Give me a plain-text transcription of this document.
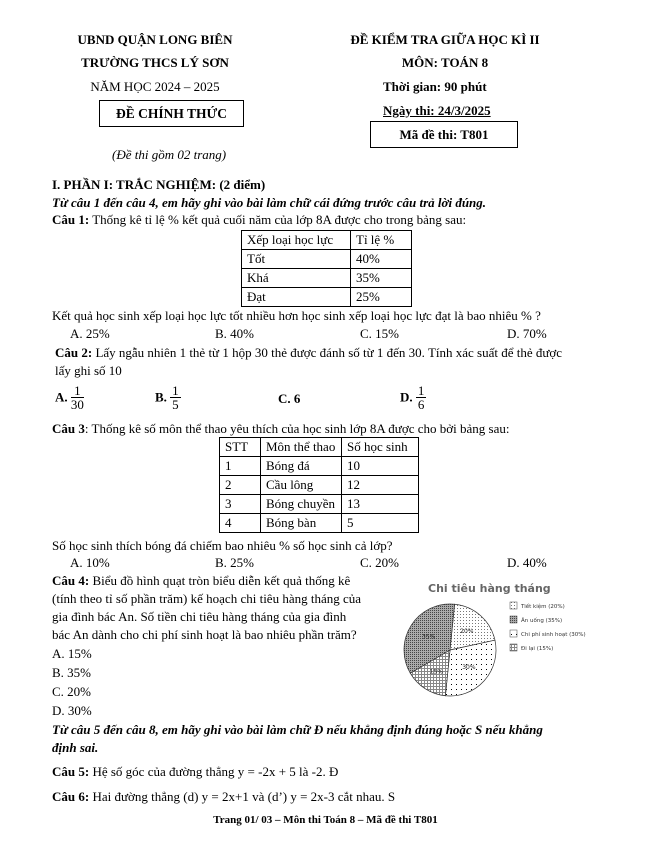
UBND QUẬN LONG BIÊN
TRƯỜNG THCS LÝ SƠN
NĂM HỌC 2024 – 2025
ĐỀ CHÍNH THỨC
(Đề thi gồm 02 trang)
ĐỀ KIỂM TRA GIỮA HỌC KÌ II
MÔN: TOÁN 8
Thời gian: 90 phút
Ngày thi: 24/3/2025
Mã đề thi: T801
I. PHẦN I: TRẮC NGHIỆM: (2 điểm)
Từ câu 1 đến câu 4, em hãy ghi vào bài làm chữ cái đứng trước câu trả lời đúng.
Câu 1: Thống kê tỉ lệ % kết quả cuối năm của lớp 8A được cho trong bảng sau:
Xếp loại học lực	Tỉ lệ %
Tốt	40%
Khá	35%
Đạt	25%
Kết quả học sinh xếp loại học lực tốt nhiều hơn học sinh xếp loại học lực đạt là bao nhiêu % ?
A. 25%	B. 40%	C. 15%	D. 70%
Câu 2: Lấy ngẫu nhiên 1 thẻ từ 1 hộp 30 thẻ được đánh số từ 1 đến 30. Tính xác suất để thẻ được
lấy ghi số 10
A. $\frac{1}{30}$	B. $\frac{1}{5}$	C. 6	D. $\frac{1}{6}$
Câu 3: Thống kê số môn thể thao yêu thích của học sinh lớp 8A được cho bởi bảng sau:
STT	Môn thể thao	Số học sinh
1	Bóng đá	10
2	Cầu lông	12
3	Bóng chuyền	13
4	Bóng bàn	5
Số học sinh thích bóng đá chiếm bao nhiêu % số học sinh cả lớp?
A. 10%	B. 25%	C. 20%	D. 40%
Câu 4: Biểu đồ hình quạt tròn biểu diễn kết quả thống kê
(tính theo tỉ số phần trăm) kế hoạch chi tiêu hàng tháng của
gia đình bác An. Số tiền chi tiêu hàng tháng của gia đình
bác An dành cho chi phí sinh hoạt là bao nhiêu phần trăm?
A. 15%
B. 35%
C. 20%
D. 30%
Chi tiêu hàng tháng
20%
30%
15%
35%
Tiết kiệm (20%)
Ăn uống (35%)
Chi phí sinh hoạt (30%)
Đi lại (15%)
Từ câu 5 đến câu 8, em hãy ghi vào bài làm chữ Đ nếu khẳng định đúng hoặc S nếu khẳng
định sai.
Câu 5: Hệ số góc của đường thẳng y = -2x + 5 là -2. Đ
Câu 6: Hai đường thẳng (d) y = 2x+1 và (d’) y = 2x-3 cắt nhau. S
Trang 01/ 03 – Môn thi Toán 8 – Mã đề thi T801
